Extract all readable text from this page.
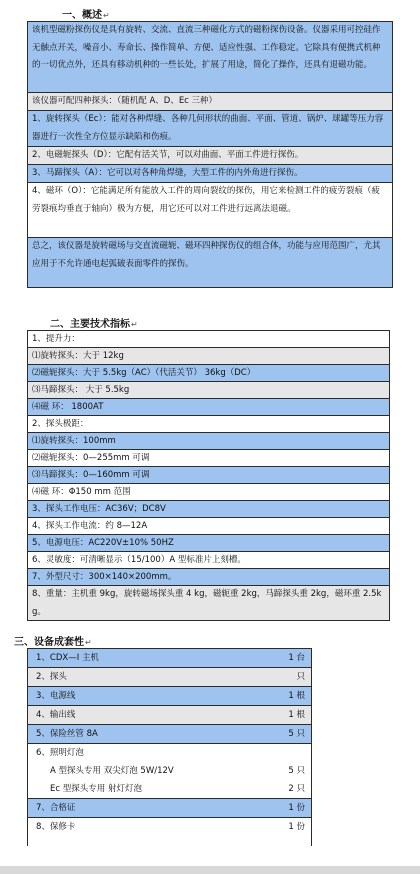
一、概述↵
该机型磁粉探伤仪是具有旋转、交流、直流三种磁化方式的磁粉探伤设备。仪器采用可控硅作无触点开关，噪音小、寿命长、操作简单、方便、适应性强、工作稳定。它除具有便携式机种的一切优点外，还具有移动机种的一些长处，扩展了用途，简化了操作，还具有退磁功能。
该仪器可配四种探头：（随机配 A、D、Ec 三种）
1、旋转探头（Ec）：能对各种焊缝、各种几何形状的曲面、平面、管道、锅炉、球罐等压力容器进行一次性全方位显示缺陷和伤痕。
2、电磁轭探头（D）：它配有活关节，可以对曲面、平面工件进行探伤。
3、马蹄探头（A）：它可以对各种角焊缝，大型工件的内外角进行探伤。
4、磁环（O）：它能满足所有能放入工件的周向裂纹的探伤，用它来检测工件的疲劳裂痕（疲劳裂痕均垂直于轴向）极为方便，用它还可以对工件进行远离法退磁。
总之，该仪器是旋转磁场与交直流磁轭、磁环四种探伤仪的组合体，功能与应用范围广，尤其应用于不允许通电起弧破表面零件的探伤。
二、主要技术指标↵
1、提升力：
⑴旋转探头：大于 12kg
⑵磁轭探头：大于 5.5kg（AC）（代活关节） 36kg（DC）
⑶马蹄探头： 大于 5.5kg
⑷磁 环： 1800AT
2、探头极距：
⑴旋转探头：100mm
⑵磁轭探头：0—255mm 可调
⑶马蹄探头：0—160mm 可调
⑷磁 环：Φ150 mm 范围
3、探头工作电压：AC36V；DC8V
4、探头工作电流：约 8—12A
5、电源电压：AC220V±10% 50HZ
6、灵敏度：可清晰显示（15/100）A 型标准片上刻槽。
7、外型尺寸：300×140×200mm。
8、重量：主机重 9kg，旋转磁场探头重 4 kg，磁轭重 2kg，马蹄探头重 2kg，磁环重 2.5kg。
三、设备成套性↵
1、CDX—I 主机	1 台
2、探头	只
3、电源线	1 根
4、输出线	1 根
5、保险丝管 8A	5 只
6、照明灯泡
A 型探头专用 双尖灯泡 5W/12V	5 只
Ec 型探头专用 射灯灯泡	2 只
7、合格证	1 份
8、保修卡	1 份
